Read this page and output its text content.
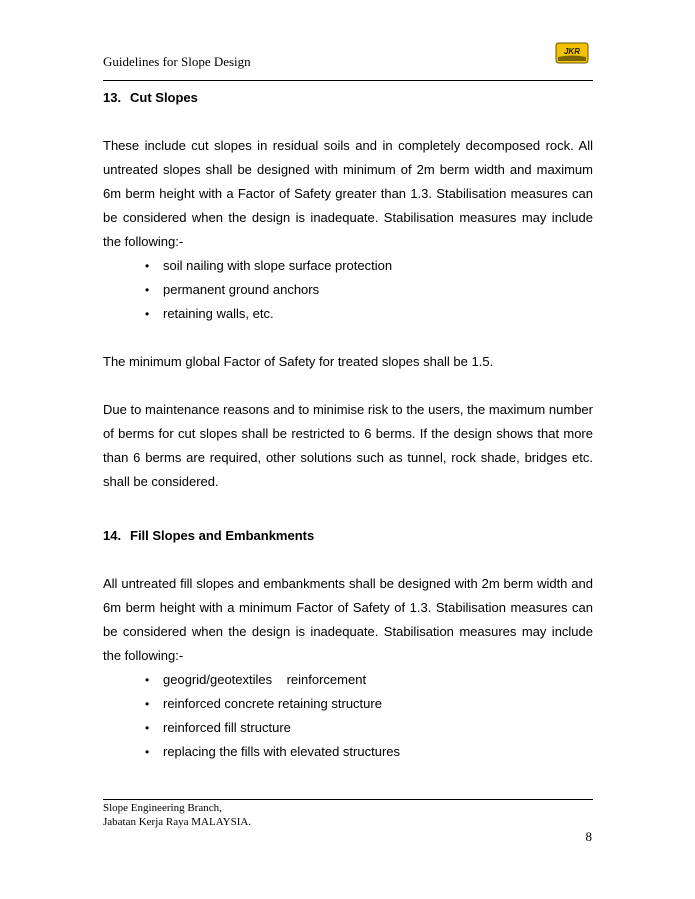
Guidelines for Slope Design
JKR
13. Cut Slopes

These include cut slopes in residual soils and in completely decomposed rock. All untreated slopes shall be designed with minimum of 2m berm width and maximum 6m berm height with a Factor of Safety greater than 1.3. Stabilisation measures can be considered when the design is inadequate. Stabilisation measures may include the following:-

• soil nailing with slope surface protection
• permanent ground anchors
• retaining walls, etc.

The minimum global Factor of Safety for treated slopes shall be 1.5.

Due to maintenance reasons and to minimise risk to the users, the maximum number of berms for cut slopes shall be restricted to 6 berms. If the design shows that more than 6 berms are required, other solutions such as tunnel, rock shade, bridges etc. shall be considered.

14. Fill Slopes and Embankments

All untreated fill slopes and embankments shall be designed with 2m berm width and 6m berm height with a minimum Factor of Safety of 1.3. Stabilisation measures can be considered when the design is inadequate. Stabilisation measures may include the following:-

• geogrid/geotextiles    reinforcement
• reinforced concrete retaining structure
• reinforced fill structure
• replacing the fills with elevated structures
Slope Engineering Branch,
Jabatan Kerja Raya MALAYSIA.
8
